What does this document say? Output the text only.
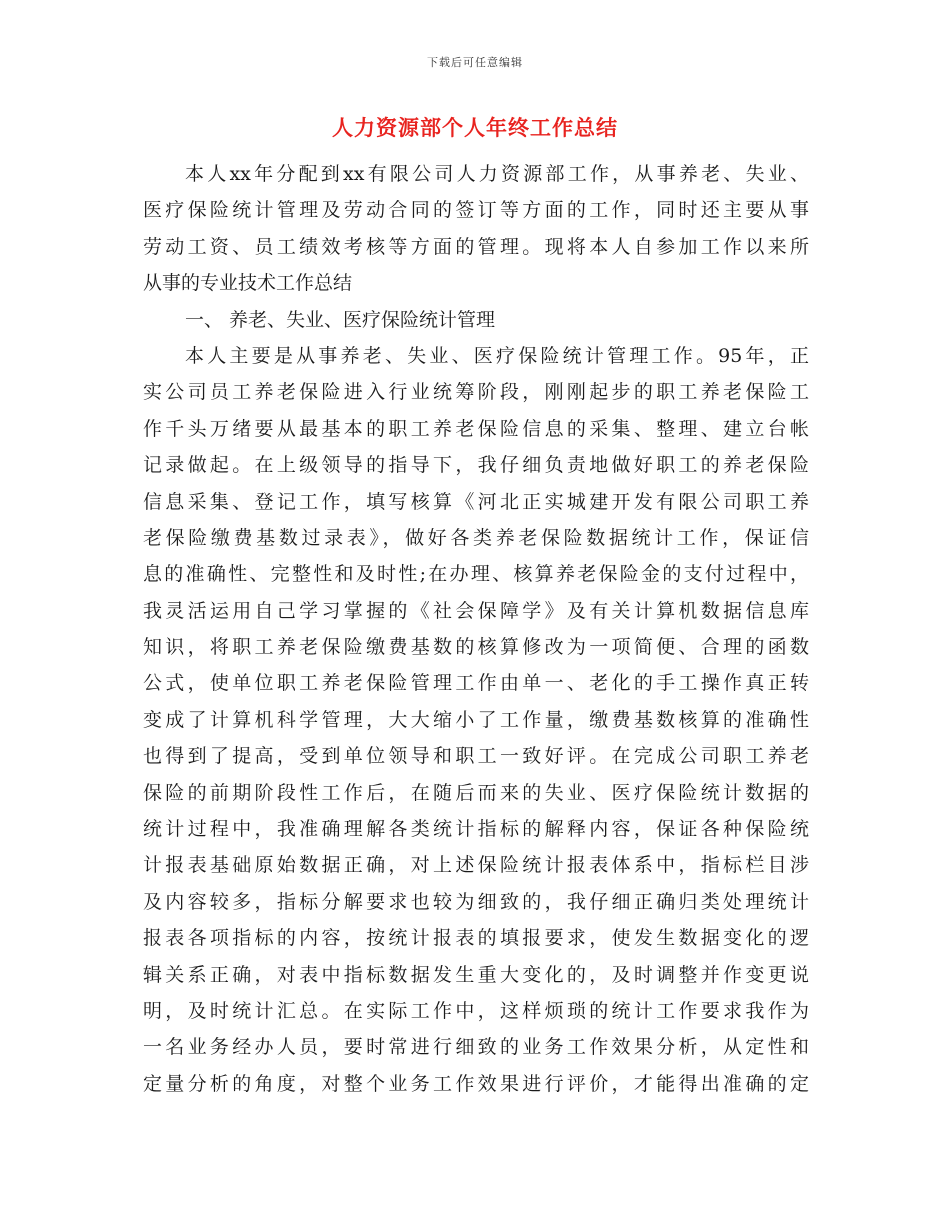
下载后可任意编辑
人力资源部个人年终工作总结
本人xx年分配到xx有限公司人力资源部工作，从事养老、失业、
医疗保险统计管理及劳动合同的签订等方面的工作，同时还主要从事
劳动工资、员工绩效考核等方面的管理。现将本人自参加工作以来所
从事的专业技术工作总结
一、 养老、失业、医疗保险统计管理
本人主要是从事养老、失业、医疗保险统计管理工作。95年，正
实公司员工养老保险进入行业统筹阶段，刚刚起步的职工养老保险工
作千头万绪要从最基本的职工养老保险信息的采集、整理、建立台帐
记录做起。在上级领导的指导下，我仔细负责地做好职工的养老保险
信息采集、登记工作，填写核算《河北正实城建开发有限公司职工养
老保险缴费基数过录表》，做好各类养老保险数据统计工作，保证信
息的准确性、完整性和及时性;在办理、核算养老保险金的支付过程中，
我灵活运用自己学习掌握的《社会保障学》及有关计算机数据信息库
知识，将职工养老保险缴费基数的核算修改为一项简便、合理的函数
公式，使单位职工养老保险管理工作由单一、老化的手工操作真正转
变成了计算机科学管理，大大缩小了工作量，缴费基数核算的准确性
也得到了提高，受到单位领导和职工一致好评。在完成公司职工养老
保险的前期阶段性工作后，在随后而来的失业、医疗保险统计数据的
统计过程中，我准确理解各类统计指标的解释内容，保证各种保险统
计报表基础原始数据正确，对上述保险统计报表体系中，指标栏目涉
及内容较多，指标分解要求也较为细致的，我仔细正确归类处理统计
报表各项指标的内容，按统计报表的填报要求，使发生数据变化的逻
辑关系正确，对表中指标数据发生重大变化的，及时调整并作变更说
明，及时统计汇总。在实际工作中，这样烦琐的统计工作要求我作为
一名业务经办人员，要时常进行细致的业务工作效果分析，从定性和
定量分析的角度，对整个业务工作效果进行评价，才能得出准确的定
